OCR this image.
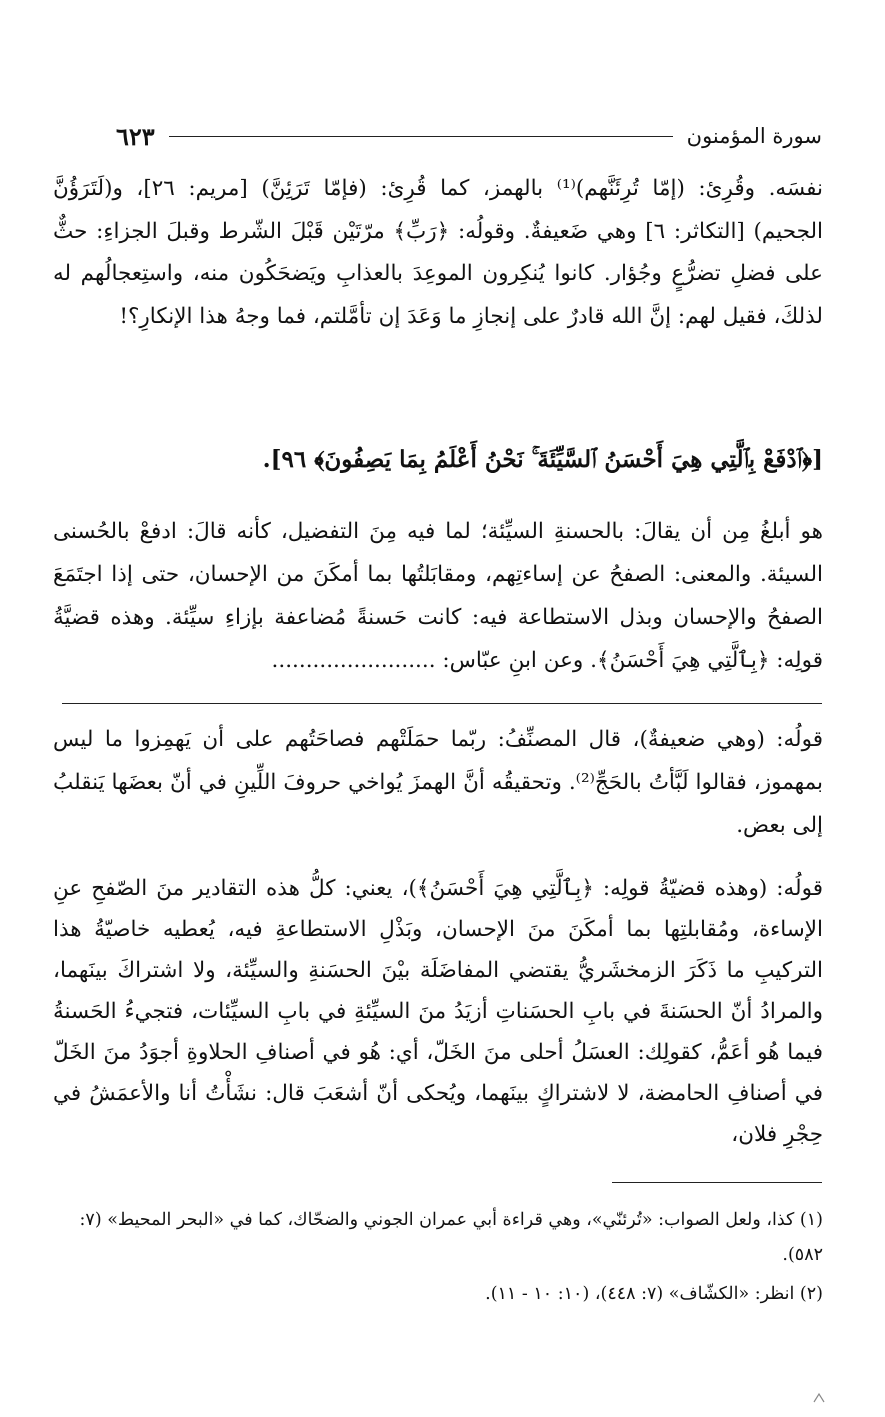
سورة المؤمنون
٦٢٣

نفسَه. وقُرِئ: (إمّا تُرِئَنَّهم)⁽¹⁾ بالهمز، كما قُرِئ: (فإمّا تَرَئِنَّ) [مريم: ٢٦]، و(لَتَرَؤُنَّ الجحيم) [التكاثر: ٦] وهي ضَعيفةٌ. وقولُه: ﴿رَبِّ﴾ مرّتَيْن قَبْلَ الشّرط وقبلَ الجزاءِ: حثٌّ على فضلِ تضرُّعٍ وجُؤار. كانوا يُنكِرون الموعِدَ بالعذابِ ويَضحَكُون منه، واستِعجالُهم له لذلكَ، فقيل لهم: إنَّ الله قادرٌ على إنجازِ ما وَعَدَ إن تأمَّلتم، فما وجهُ هذا الإنكارِ؟!

[﴿ٱدْفَعْ بِٱلَّتِي هِيَ أَحْسَنُ ٱلسَّيِّئَةَ ۚ نَحْنُ أَعْلَمُ بِمَا يَصِفُونَ﴾ ٩٦].

هو أبلغُ مِن أن يقالَ: بالحسنةِ السيِّئة؛ لما فيه مِنَ التفضيل، كأنه قالَ: ادفعْ بالحُسنى السيئة. والمعنى: الصفحُ عن إساءتِهم، ومقابَلتُها بما أمكَنَ من الإحسان، حتى إذا اجتَمَعَ الصفحُ والإحسان وبذل الاستطاعة فيه: كانت حَسنةً مُضاعفة بإزاءِ سيِّئة. وهذه قضيَّةُ قولِه: ﴿بِٱلَّتِي هِيَ أَحْسَنُ﴾. وعن ابنِ عبّاس: ........................

قولُه: (وهي ضعيفةٌ)، قال المصنِّفُ: ربّما حمَلَتْهم فصاحَتُهم على أن يَهمِزوا ما ليس بمهموز، فقالوا لَبَّأتُ بالحَجِّ⁽²⁾. وتحقيقُه أنَّ الهمزَ يُواخي حروفَ اللِّينِ في أنّ بعضَها يَنقلبُ إلى بعض.

قولُه: (وهذه قضيّةُ قولِه: ﴿بِٱلَّتِي هِيَ أَحْسَنُ﴾)، يعني: كلُّ هذه التقادير منَ الصّفحِ عنِ الإساءة، ومُقابلتِها بما أمكَنَ منَ الإحسان، وبَذْلِ الاستطاعةِ فيه، يُعطيه خاصيّةُ هذا التركيبِ ما ذَكَرَ الزمخشَريُّ يقتضي المفاضَلَة بيْنَ الحسَنةِ والسيِّئة، ولا اشتراكَ بينَهما، والمرادُ أنّ الحسَنةَ في بابِ الحسَناتِ أزيَدُ منَ السيِّئةِ في بابِ السيِّئات، فتجيءُ الحَسنةُ فيما هُو أعَمُّ، كقولِك: العسَلُ أحلى منَ الخَلّ، أي: هُو في أصنافِ الحلاوةِ أجوَدُ منَ الخَلّ في أصنافِ الحامضة، لا لاشتراكٍ بينَهما، ويُحكى أنّ أشعَبَ قال: نشَأْتُ أنا والأعمَشُ في حِجْرِ فلان،

(١) كذا، ولعل الصواب: «تُرئنّي»، وهي قراءة أبي عمران الجوني والضحّاك، كما في «البحر المحيط» (٧: ٥٨٢).
(٢) انظر: «الكشّاف» (٧: ٤٤٨)، (١٠: ١٠ - ١١).
